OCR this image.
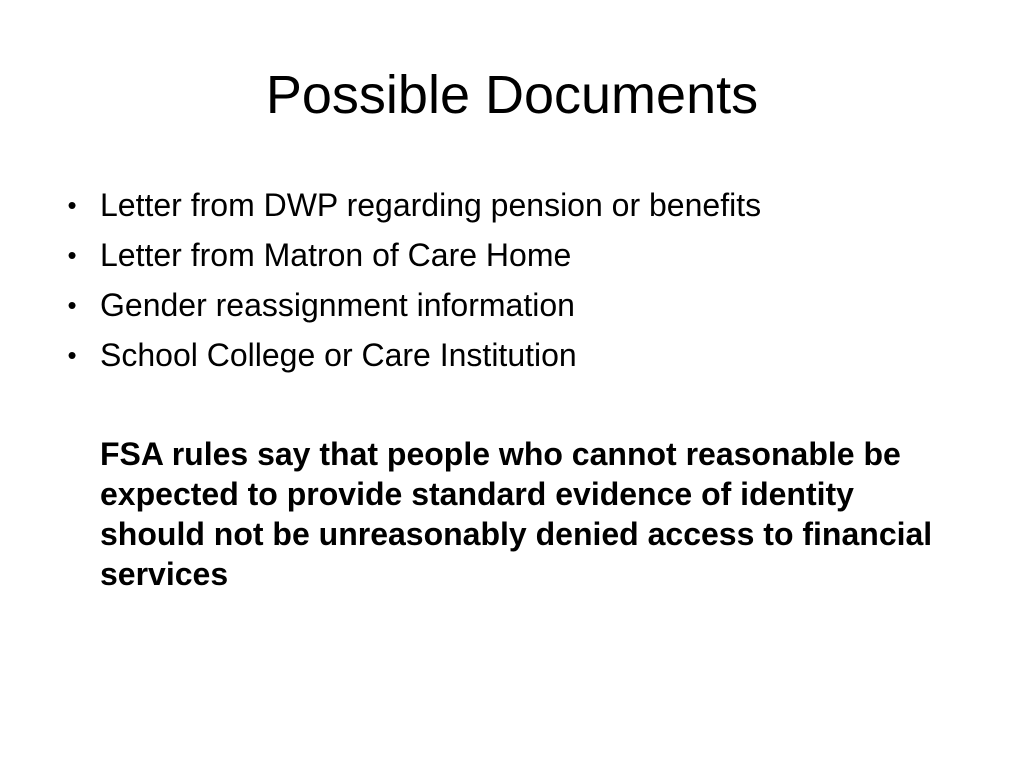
Possible Documents
• Letter from DWP regarding pension or benefits
• Letter from Matron of Care Home
• Gender reassignment information
• School College or Care Institution

FSA rules say that people who cannot reasonable be expected to provide standard evidence of identity should not be unreasonably denied access to financial services
